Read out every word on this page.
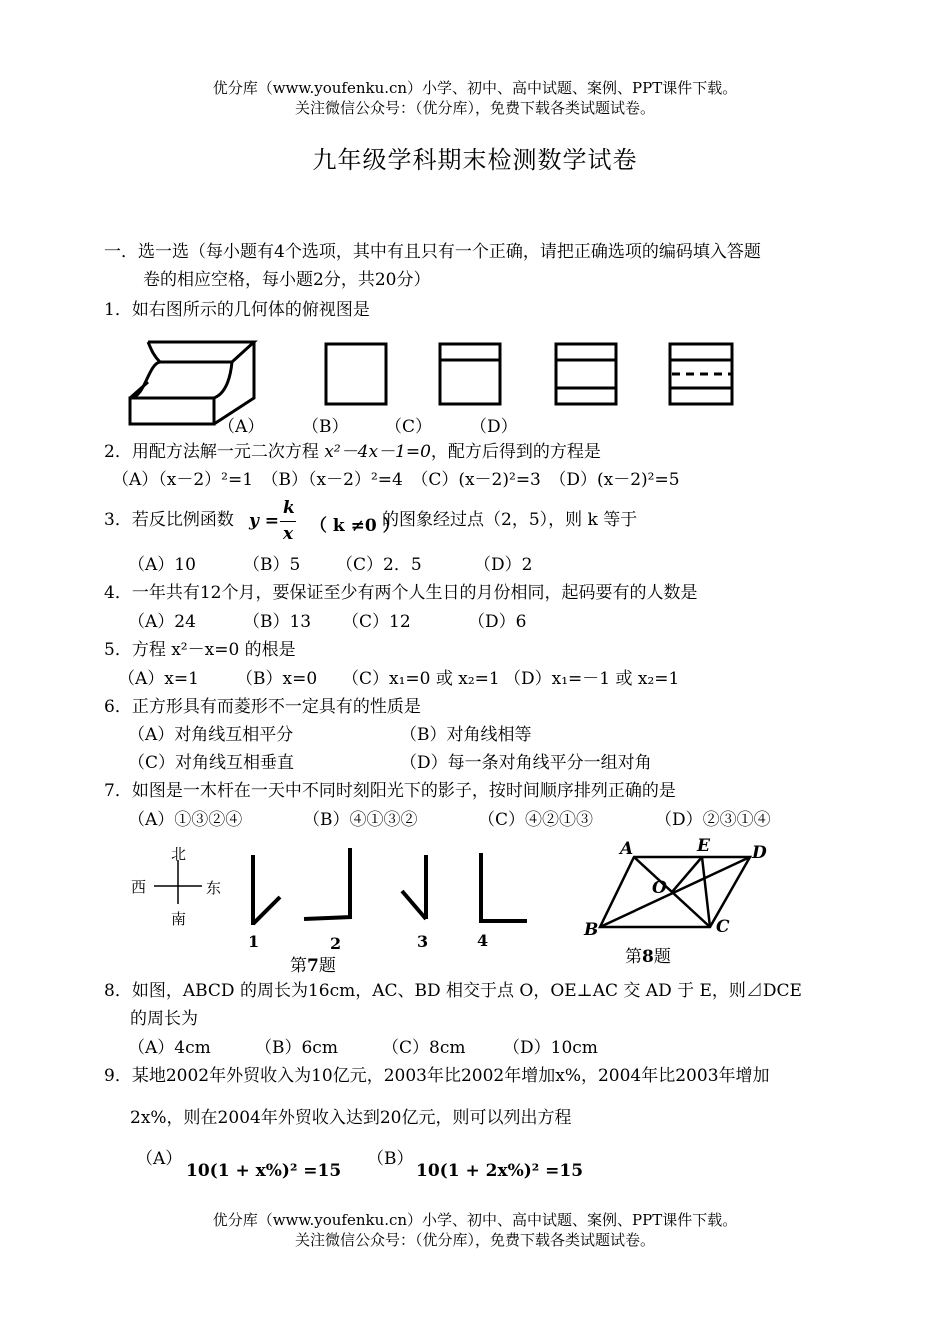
优分库（www.youfenku.cn）小学、初中、高中试题、案例、PPT课件下载。
关注微信公众号：（优分库），免费下载各类试题试卷。
九年级学科期末检测数学试卷
一．选一选（每小题有4个选项，其中有且只有一个正确，请把正确选项的编码填入答题
卷的相应空格，每小题2分，共20分）
1．如右图所示的几何体的俯视图是
（A） （B） （C） （D）
2．用配方法解一元二次方程 x²－4x－1=0，配方后得到的方程是
（A）（x－2）²=1　（B）（x－2）²=4　（C）(x－2)²=3　（D）(x－2)²=5
3．若反比例函数 y =
k
x （ k ≠0 ）
的图象经过点（2，5），则 k 等于
（A）10	（B）5 （C）2．5	（D）2
4．一年共有12个月，要保证至少有两个人生日的月份相同，起码要有的人数是
（A）24	（B）13 （C）12	（D）6
5．方程 x²－x=0 的根是
（A）x=1 （B）x=0 （C）x₁=0 或 x₂=1 （D）x₁=－1 或 x₂=1
6．正方形具有而菱形不一定具有的性质是
（A）对角线互相平分	（B）对角线相等
（C）对角线互相垂直	（D）每一条对角线平分一组对角
7．如图是一木杆在一天中不同时刻阳光下的影子，按时间顺序排列正确的是
（A）①③②④	（B）④①③②	（C）④②①③	（D）②③①④
北
南
西	东
1	2	3	4
第7题
A	E D
O
B	C
第8题
8．如图，ABCD 的周长为16cm，AC、BD 相交于点 O，OE⊥AC 交 AD 于 E，则⊿DCE
的周长为
（A）4cm	（B）6cm	（C）8cm （D）10cm
9．某地2002年外贸收入为10亿元，2003年比2002年增加x%，2004年比2003年增加
2x%，则在2004年外贸收入达到20亿元，则可以列出方程
（A）
10(1 + x%)² =15
（B）
10(1 + 2x%)² =15
优分库（www.youfenku.cn）小学、初中、高中试题、案例、PPT课件下载。
关注微信公众号：（优分库），免费下载各类试题试卷。
